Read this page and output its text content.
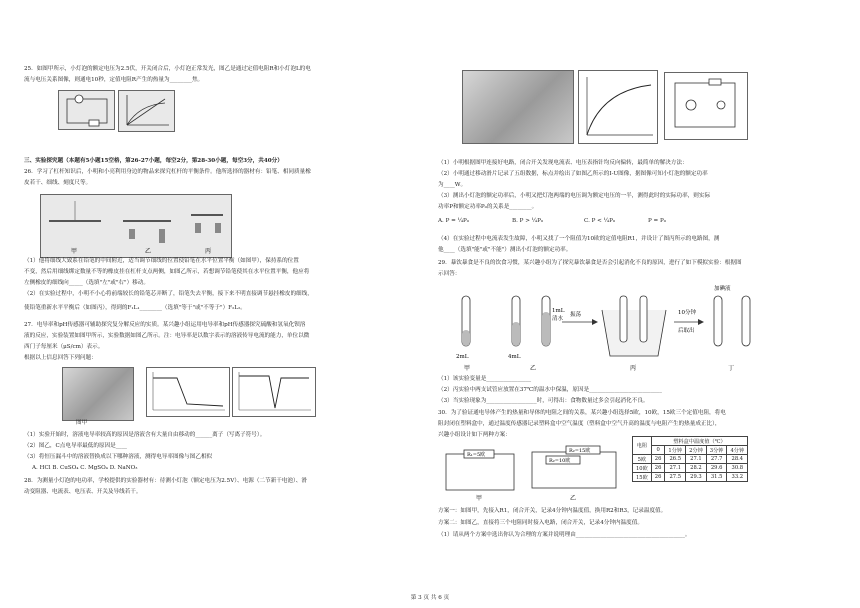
25．如图甲所示，小灯泡的额定电压为2.5伏，开关闭合后，小灯泡正常发光，图乙是通过定值电阻R和小灯泡L的电
流与电压关系图像，则通电10秒，定值电阻R产生的热量为________焦。
三、实验探究题（本题有5小题15空格，第26-27小题，每空2分，第28-30小题，每空3分，共40分）
26．学习了杠杆知识后，小明和小亮利用身边的物品来探究杠杆的平衡条件。他所选择的器材有：铅笔、相同质量橡
皮若干、细线、刻度尺等。
甲	乙	丙
（1）他将细线大致系在铅笔的中间附近，适当调节细线的位置使铅笔在水平位置平衡（如图甲），保持系的位置
不变，然后用细线绑定数量不等的橡皮挂在杠杆支点两侧，如图乙所示，若想调节铅笔使其在水平位置平衡，他应将
左侧橡皮的细线向_____（选填"左"或"右"）移动。
（2）在实验过程中，小明不小心将前端较长的铅笔芯弄断了，铅笔失去平衡，接下来不明直接调节悬挂橡皮的细线，
使铅笔重新水平平衡后（如图丙），得到的F₁L₁________（选填"等于"或"不等于"）F₂L₂。
27．电导率和pH传感器可辅助探究复分解反应的实质。某兴趣小组运用电导率和pH传感器探究硫酸和氢氧化钡溶
液的反应，实验装置如图甲所示，实验数据如图乙所示。注：电导率是以数字表示的溶液传导电流的能力，单位以微
西门子每厘米（μS/cm）表示。
根据以上信息回答下列问题：
图甲
（1）实验开始时，溶液电导率较高的原因是溶液含有大量自由移动的______离子（写离子符号）。
（2）图乙，C点电导率最低的原因是____
（3）将恒压漏斗中的溶液替换成以下哪种溶液，测得电导率图像与图乙相似
A. HCl B. CuSO₄ C. MgSO₄ D. NaNO₃
28．为测量小灯泡的电功率，学校提供的实验器材有：待测小灯泡（额定电压为2.5V）、电源（二节新干电池）、滑
动变阻器、电流表、电压表、开关及导线若干。
（1）小明根据图甲连接好电路，闭合开关发现电流表、电压表指针均反向偏转，最简单的解决方法：
（2）小明通过移动滑片记录了五组数据，标点并绘出了如图乙所示的I-U图像，据图像可知小灯泡的额定功率
为____W。
（3）测出小灯泡的额定功率后，小明又把灯泡两端的电压调为额定电压的一半，测得此时的实际功率，则实际
功率P和额定功率P₀的关系是________。
A. P = ¼P₀	B. P > ¼P₀	C. P < ¼P₀	P = P₀
（4）在实验过程中电流表发生故障，小明又找了一个阻值为10欧的定值电阻R1，并设计了图丙所示的电路图，测
他____（选填"能"或"不能"）测出小灯泡的额定功率。
29．暴饮暴食是不良的饮食习惯，某兴趣小组为了探究暴饮暴食是否会引起消化不良的原因，进行了如下模拟实验：根据图
示回答：
2mL	4mL
1mL
清水
振荡
加碘液
10分钟
后取出
甲	乙	丙	丁
（1）该实验变量是________________
（2）丙实验中两支试管应放置在37℃的温水中保温，原因是__________________________
（3）当实验现象为__________________时，可得出：食物数量过多会引起消化不良。
30．为了验证通电导体产生的热量和导体的电阻之间的关系，某兴趣小组选择5欧，10欧，15欧三个定值电阻，将电
阻封闭在塑料盒中，通过温度传感器记录塑料盒中空气温度（塑料盒中空气升高的温度与电阻产生的热量成正比），
兴趣小组设计如下两种方案：
R₁=5欧
甲
R₂=15欧
R₂=10欧
乙
电阻	塑料盒中温度值（℃）				
	0	1分钟	2分钟	3分钟	4分钟
5欧	26	26.5	27.1	27.7	28.4
10欧	26	27.1	28.2	29.6	30.8
15欧	26	27.5	29.3	31.5	33.2
方案一：如图甲，先接入R1，闭合开关，记录4分钟内温度值，换用R2和R3，记录温度值。
方案二：如图乙，直接将三个电阻同时接入电路，闭合开关，记录4分钟内温度值。
（1）请从两个方案中选出你认为合理的方案并说明理由_______________________________________。
第 3 页 共 6 页
